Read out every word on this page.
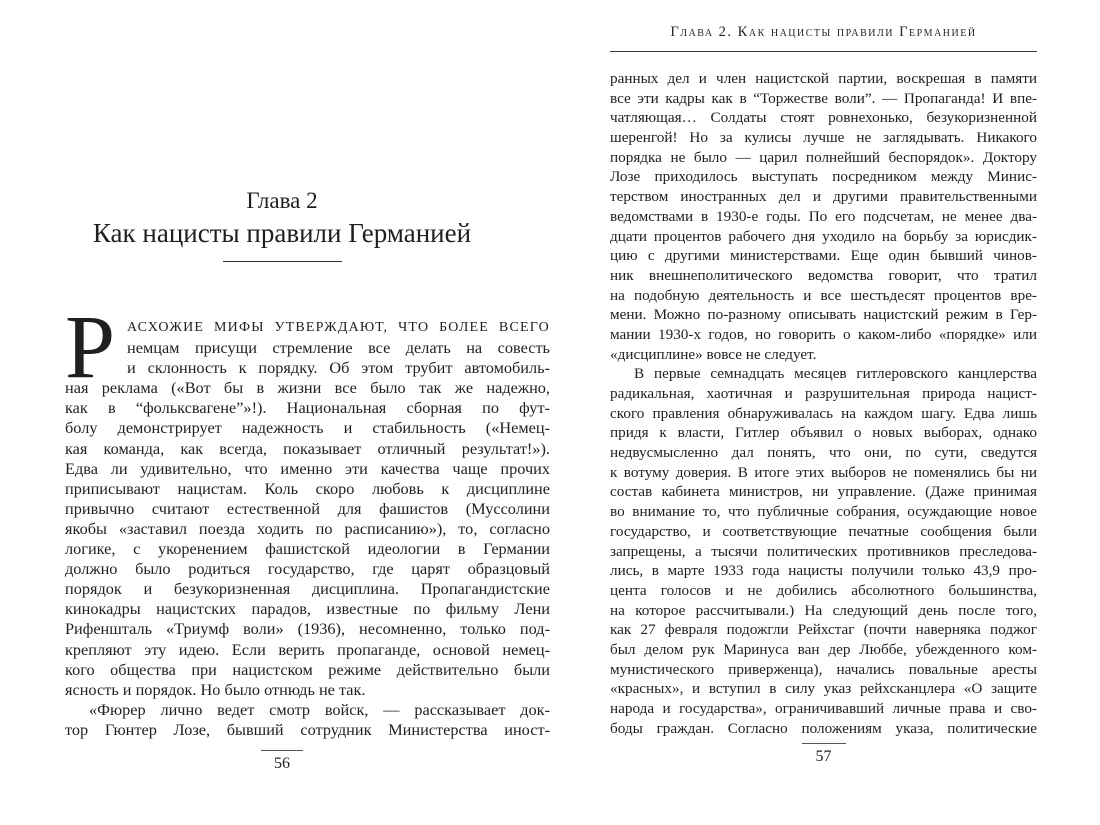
Глава 2
Как нацисты правили Германией
Р АСХОЖИЕ МИФЫ УТВЕРЖДАЮТ, ЧТО БОЛЕЕ ВСЕГО
немцам присущи стремление все делать на совесть
и склонность к порядку. Об этом трубит автомобиль-
ная реклама («Вот бы в жизни все было так же надежно,
как в “фольксвагене”»!). Национальная сборная по фут-
болу демонстрирует надежность и стабильность («Немец-
кая команда, как всегда, показывает отличный результат!»).
Едва ли удивительно, что именно эти качества чаще прочих
приписывают нацистам. Коль скоро любовь к дисциплине
привычно считают естественной для фашистов (Муссолини
якобы «заставил поезда ходить по расписанию»), то, согласно
логике, с укоренением фашистской идеологии в Германии
должно было родиться государство, где царят образцовый
порядок и безукоризненная дисциплина. Пропагандистские
кинокадры нацистских парадов, известные по фильму Лени
Рифеншталь «Триумф воли» (1936), несомненно, только под-
крепляют эту идею. Если верить пропаганде, основой немец-
кого общества при нацистском режиме действительно были
ясность и порядок. Но было отнюдь не так.
«Фюрер лично ведет смотр войск, — рассказывает док-
тор Гюнтер Лозе, бывший сотрудник Министерства иност-
56
Глава 2. Как нацисты правили Германией
ранных дел и член нацистской партии, воскрешая в памяти
все эти кадры как в “Торжестве воли”. — Пропаганда! И впе-
чатляющая… Солдаты стоят ровнехонько, безукоризненной
шеренгой! Но за кулисы лучше не заглядывать. Никакого
порядка не было — царил полнейший беспорядок». Доктору
Лозе приходилось выступать посредником между Минис-
терством иностранных дел и другими правительственными
ведомствами в 1930-е годы. По его подсчетам, не менее два-
дцати процентов рабочего дня уходило на борьбу за юрисдик-
цию с другими министерствами. Еще один бывший чинов-
ник внешнеполитического ведомства говорит, что тратил
на подобную деятельность и все шестьдесят процентов вре-
мени. Можно по-разному описывать нацистский режим в Гер-
мании 1930-х годов, но говорить о каком-либо «порядке» или
«дисциплине» вовсе не следует.
В первые семнадцать месяцев гитлеровского канцлерства
радикальная, хаотичная и разрушительная природа нацист-
ского правления обнаруживалась на каждом шагу. Едва лишь
придя к власти, Гитлер объявил о новых выборах, однако
недвусмысленно дал понять, что они, по сути, сведутся
к вотуму доверия. В итоге этих выборов не поменялись бы ни
состав кабинета министров, ни управление. (Даже принимая
во внимание то, что публичные собрания, осуждающие новое
государство, и соответствующие печатные сообщения были
запрещены, а тысячи политических противников преследова-
лись, в марте 1933 года нацисты получили только 43,9 про-
цента голосов и не добились абсолютного большинства,
на которое рассчитывали.) На следующий день после того,
как 27 февраля подожгли Рейхстаг (почти наверняка поджог
был делом рук Маринуса ван дер Люббе, убежденного ком-
мунистического приверженца), начались повальные аресты
«красных», и вступил в силу указ рейхсканцлера «О защите
народа и государства», ограничивавший личные права и сво-
боды граждан. Согласно положениям указа, политические
57
